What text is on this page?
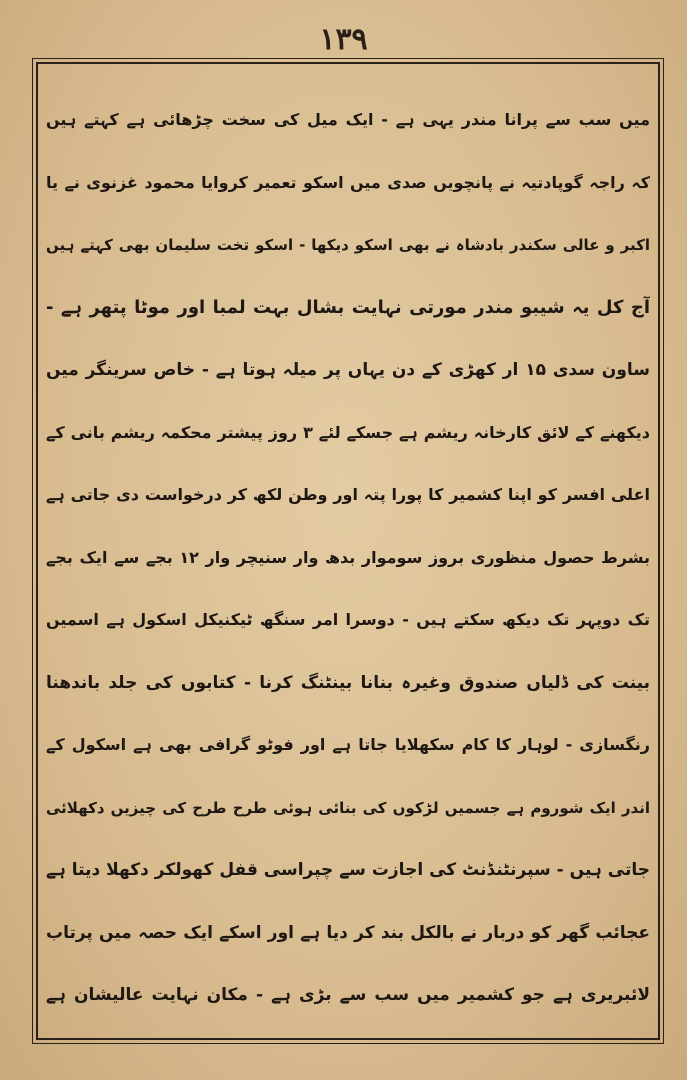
۱۳۹
میں سب سے پرانا مندر یہی ہے - ایک میل کی سخت چڑھائی ہے کہتے ہیں
کہ راجہ گوپادتیہ نے پانچویں صدی میں اسکو تعمیر کروایا محمود غزنوی نے یا
اکبر و عالی سکندر بادشاہ نے بھی اسکو دیکھا - اسکو تخت سلیمان بھی کہتے ہیں
آج کل یہ شیبو مندر مورتی نہایت بشال بہت لمبا اور موٹا پتھر ہے -
ساون سدی ۱۵ ار کھڑی کے دن یہاں پر میلہ ہوتا ہے - خاص سرینگر میں
دیکھنے کے لائق کارخانہ ریشم ہے جسکے لئے ۳ روز پیشتر محکمہ ریشم بانی کے
اعلی افسر کو اپنا کشمیر کا پورا پتہ اور وطن لکھ کر درخواست دی جاتی ہے
بشرط حصول منظوری بروز سوموار بدھ وار سنیچر وار ۱۲ بجے سے ایک بجے
تک دوپہر تک دیکھ سکتے ہیں - دوسرا امر سنگھ ٹیکنیکل اسکول ہے اسمیں
بینت کی ڈلیاں صندوق وغیرہ بنانا بینٹنگ کرنا - کتابوں کی جلد باندھنا
رنگسازی - لوہار کا کام سکھلایا جاتا ہے اور فوٹو گرافی بھی ہے اسکول کے
اندر ایک شوروم ہے جسمیں لڑکوں کی بنائی ہوئی طرح طرح کی چیزیں دکھلائی
جاتی ہیں - سپرنٹنڈنٹ کی اجازت سے چپراسی قفل کھولکر دکھلا دیتا ہے
عجائب گھر کو دربار نے بالکل بند کر دیا ہے اور اسکے ایک حصہ میں پرتاب
لائبریری ہے جو کشمیر میں سب سے بڑی ہے - مکان نہایت عالیشان ہے
